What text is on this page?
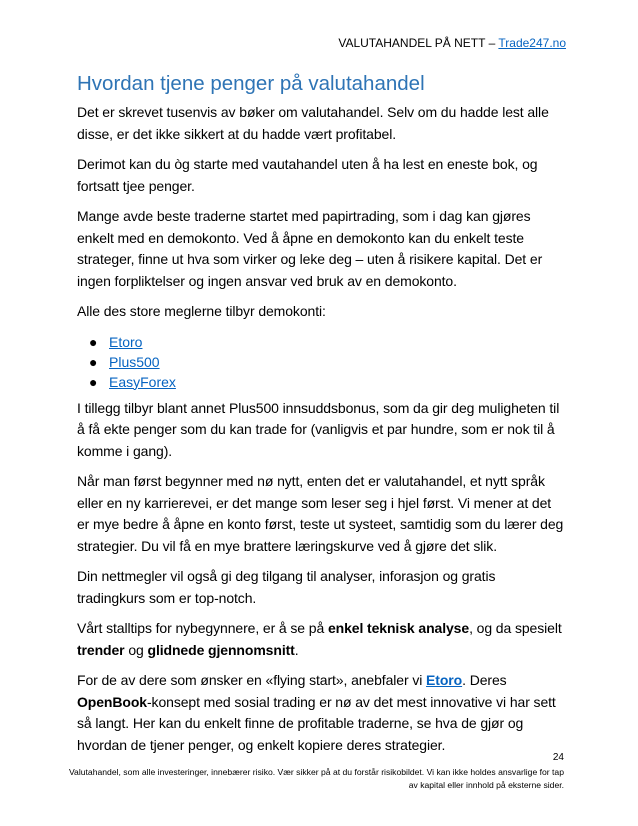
VALUTAHANDEL PÅ NETT – Trade247.no
Hvordan tjene penger på valutahandel

Det er skrevet tusenvis av bøker om valutahandel. Selv om du hadde lest alle disse, er det ikke sikkert at du hadde vært profitabel.

Derimot kan du òg starte med vautahandel uten å ha lest en eneste bok, og fortsatt tjee penger.

Mange avde beste traderne startet med papirtrading, som i dag kan gjøres enkelt med en demokonto. Ved å åpne en demokonto kan du enkelt teste strateger, finne ut hva som virker og leke deg – uten å risikere kapital. Det er ingen forpliktelser og ingen ansvar ved bruk av en demokonto.

Alle des store meglerne tilbyr demokonti:

● Etoro
● Plus500
● EasyForex

I tillegg tilbyr blant annet Plus500 innsuddsbonus, som da gir deg muligheten til å få ekte penger som du kan trade for (vanligvis et par hundre, som er nok til å komme i gang).

Når man først begynner med nø nytt, enten det er valutahandel, et nytt språk eller en ny karrierevei, er det mange som leser seg i hjel først. Vi mener at det er mye bedre å åpne en konto først, teste ut systeet, samtidig som du lærer deg strategier. Du vil få en mye brattere læringskurve ved å gjøre det slik.

Din nettmegler vil også gi deg tilgang til analyser, inforasjon og gratis tradingkurs som er top-notch.

Vårt stalltips for nybegynnere, er å se på enkel teknisk analyse, og da spesielt trender og glidnede gjennomsnitt.

For de av dere som ønsker en «flying start», anebfaler vi Etoro. Deres OpenBook-konsept med sosial trading er nø av det mest innovative vi har sett så langt. Her kan du enkelt finne de profitable traderne, se hva de gjør og hvordan de tjener penger, og enkelt kopiere deres strategier.

24
Valutahandel, som alle investeringer, innebærer risiko. Vær sikker på at du forstår risikobildet. Vi kan ikke holdes ansvarlige for tap av kapital eller innhold på eksterne sider.
